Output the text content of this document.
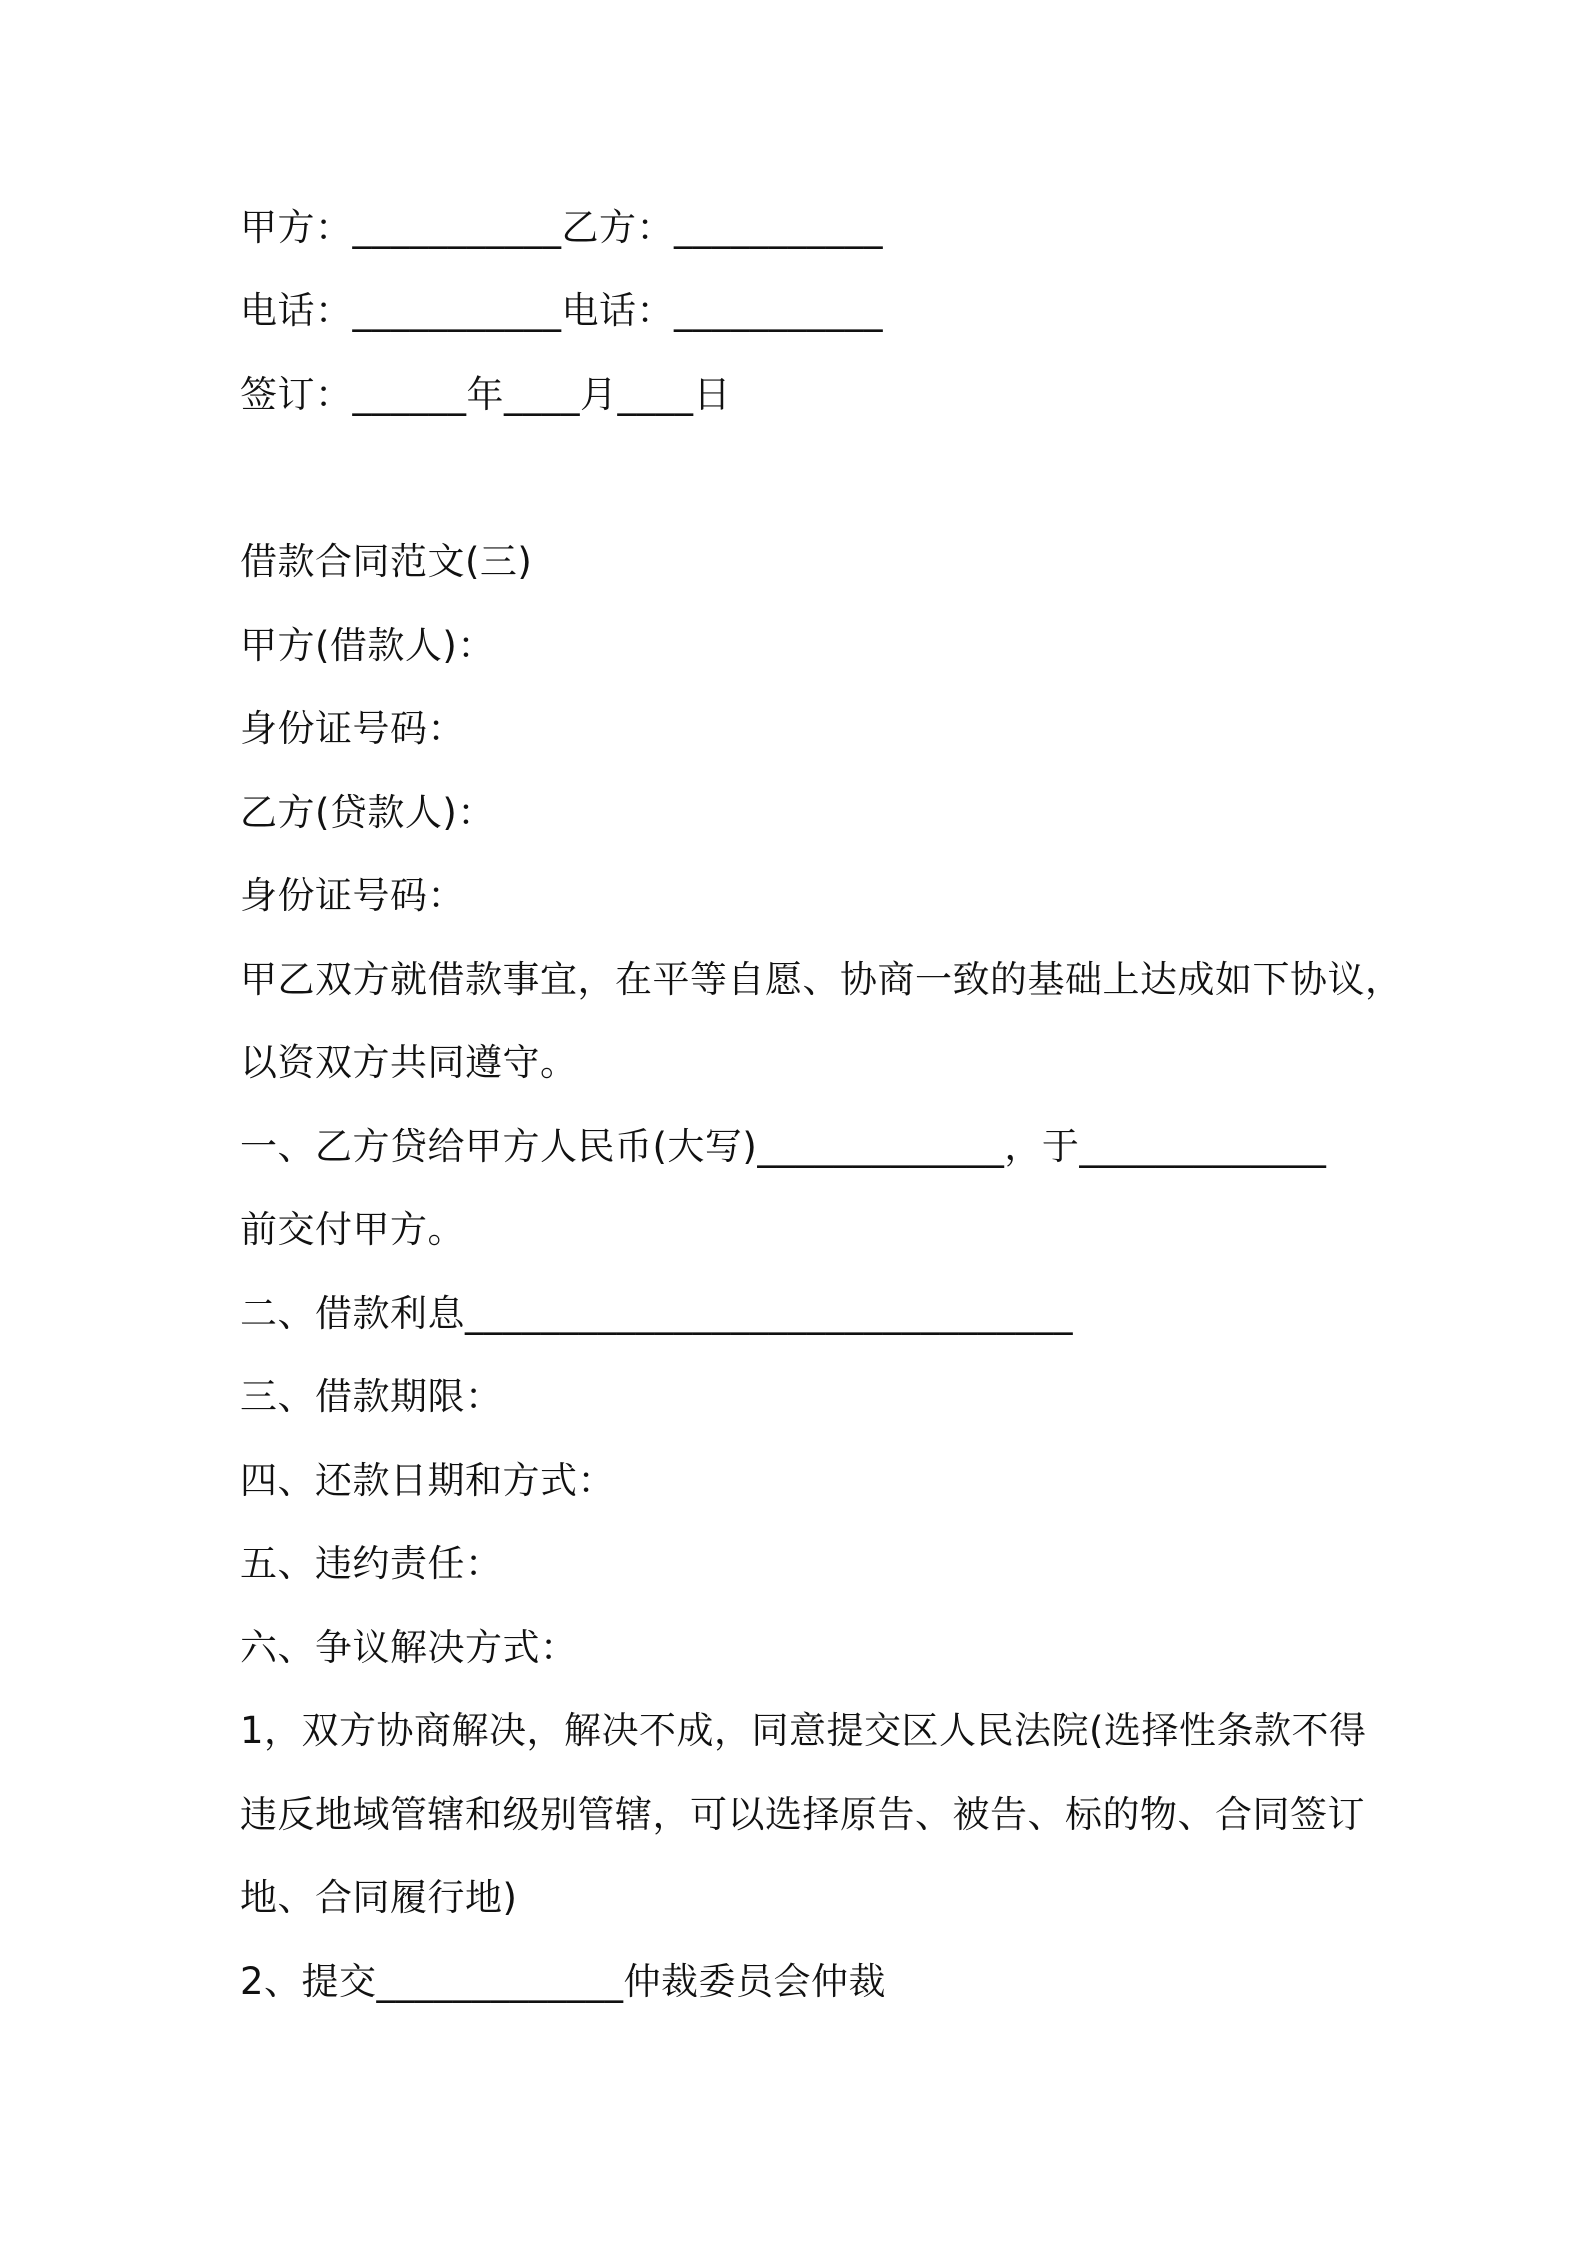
甲方：___________乙方：___________
电话：___________电话：___________
签订：______年____月____日
借款合同范文(三)
甲方(借款人)：
身份证号码：
乙方(贷款人)：
身份证号码：
甲乙双方就借款事宜，在平等自愿、协商一致的基础上达成如下协议，
以资双方共同遵守。
一、乙方贷给甲方人民币(大写)_____________，于_____________
前交付甲方。
二、借款利息________________________________
三、借款期限：
四、还款日期和方式：
五、违约责任：
六、争议解决方式：
1，双方协商解决，解决不成，同意提交区人民法院(选择性条款不得
违反地域管辖和级别管辖，可以选择原告、被告、标的物、合同签订
地、合同履行地)
2、提交_____________仲裁委员会仲裁
